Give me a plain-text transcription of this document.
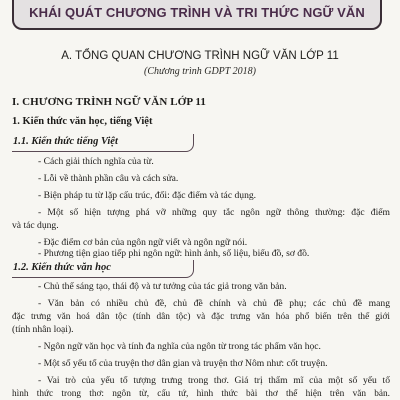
KHÁI QUÁT CHƯƠNG TRÌNH VÀ TRI THỨC NGỮ VĂN
A. TỔNG QUAN CHƯƠNG TRÌNH NGỮ VĂN LỚP 11
(Chương trình GDPT 2018)
I. CHƯƠNG TRÌNH NGỮ VĂN LỚP 11
1. Kiến thức văn học, tiếng Việt
1.1. Kiến thức tiếng Việt
- Cách giải thích nghĩa của từ.
- Lỗi về thành phần câu và cách sửa.
- Biện pháp tu từ lặp cấu trúc, đối: đặc điểm và tác dụng.
- Một số hiện tượng phá vỡ những quy tắc ngôn ngữ thông thường: đặc điểm
và tác dụng.
- Đặc điểm cơ bản của ngôn ngữ viết và ngôn ngữ nói.
- Phương tiện giao tiếp phi ngôn ngữ: hình ảnh, số liệu, biểu đồ, sơ đồ.
1.2. Kiến thức văn học
- Chủ thể sáng tạo, thái độ và tư tưởng của tác giả trong văn bản.
- Văn bản có nhiều chủ đề, chủ đề chính và chủ đề phụ; các chủ đề mang
đặc trưng văn hoá dân tộc (tính dân tộc) và đặc trưng văn hóa phổ biến trên thế giới
(tính nhân loại).
- Ngôn ngữ văn học và tính đa nghĩa của ngôn từ trong tác phẩm văn học.
- Một số yếu tố của truyện thơ dân gian và truyện thơ Nôm như: cốt truyện.
- Vai trò của yếu tố tượng trưng trong thơ. Giá trị thẩm mĩ của một số yếu tố
hình thức trong thơ: ngôn từ, cấu tứ, hình thức bài thơ thể hiện trên văn bản.
